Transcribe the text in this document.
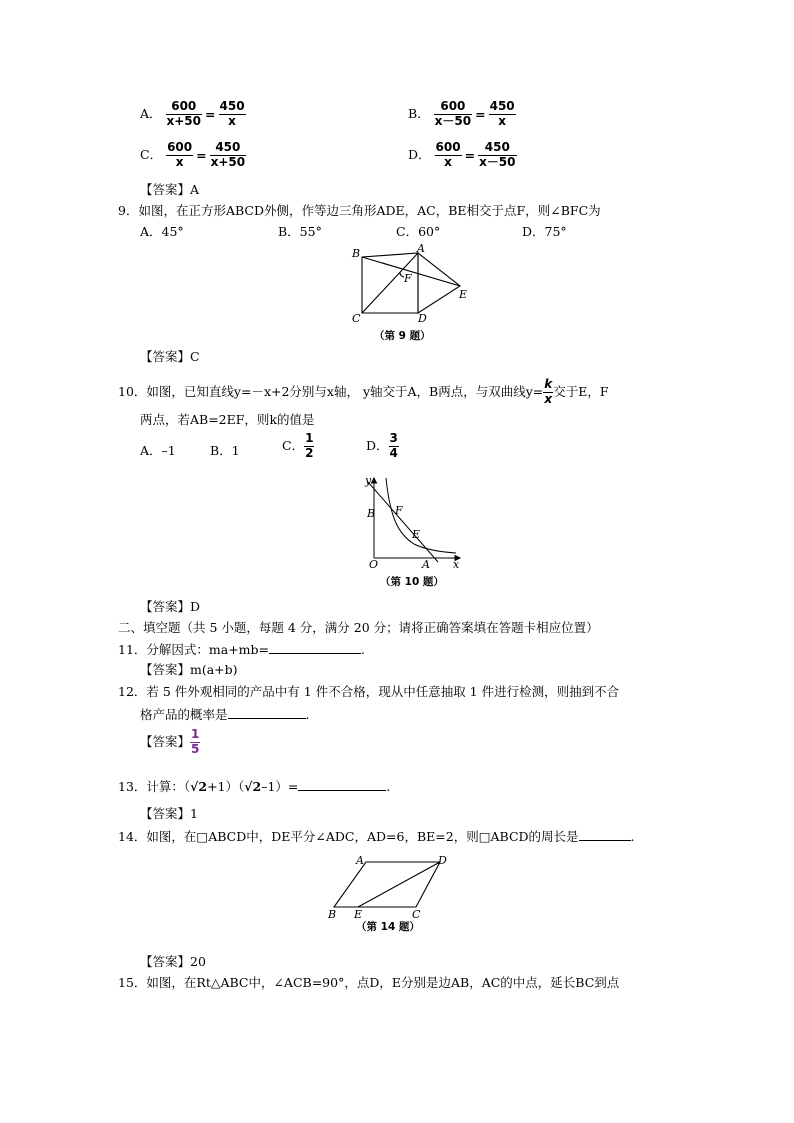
A． $\frac{600}{x+50} = \frac{450}{x}$	B． $\frac{600}{x-50} = \frac{450}{x}$
C． $\frac{600}{x} = \frac{450}{x+50}$	D． $\frac{600}{x} = \frac{450}{x-50}$
【答案】A
9．如图，在正方形ABCD外侧，作等边三角形ADE，AC，BE相交于点F，则∠BFC为
A．45°	B．55°	C．60°	D．75°
B	A
F
E
C	D
（第 9 题）
【答案】C
10．如图，已知直线y=－x+2分别与x轴， y轴交于A，B两点，与双曲线$y= \frac{k}{x}$ 交于E，F
两点，若AB=2EF，则k的值是
A．–1	B．1	C． $\frac{1}{2}$	D． $\frac{3}{4}$
y
B F
E
O	A x
（第 10 题）
【答案】D
二、填空题（共 5 小题，每题 4 分，满分 20 分；请将正确答案填在答题卡相应位置）
11．分解因式：ma+mb=	.
【答案】m(a+b)
12．若 5 件外观相同的产品中有 1 件不合格，现从中任意抽取 1 件进行检测，则抽到不合
格产品的概率是	.
【答案】 $\frac{1}{5}$
13．计算：（√2+1）（√2–1）=	.
【答案】1
14．如图，在□ABCD中，DE平分∠ADC，AD=6，BE=2，则□ABCD的周长是	.
A	D
B E	C
（第 14 题）
【答案】20
15．如图，在Rt△ABC中，∠ACB=90°，点D，E分别是边AB，AC的中点，延长BC到点
